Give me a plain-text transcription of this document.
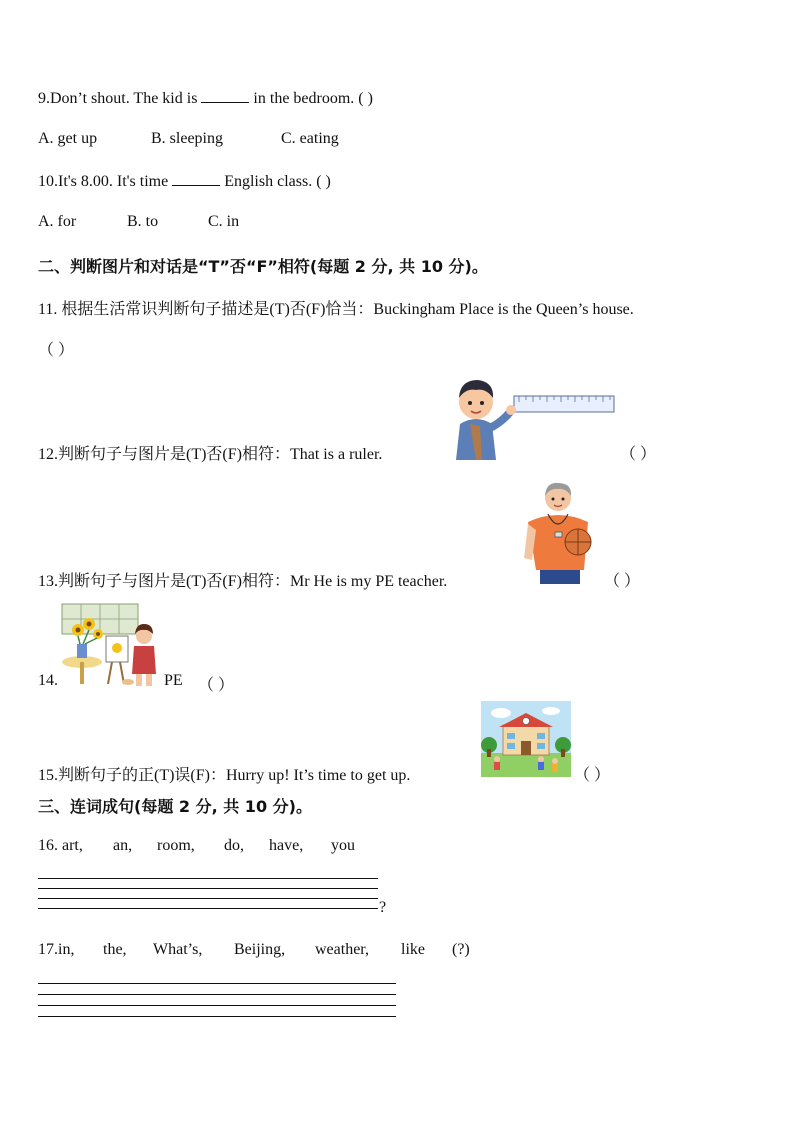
9.Don’t shout. The kid is	in the bedroom. ( )
A. get up	B. sleeping	C. eating
10.It's 8.00. It's time	English class. ( )
A. for	B. to	C. in
二、判断图片和对话是“T”否“F”相符(每题 2 分, 共 10 分)。
11. 根据生活常识判断句子描述是(T)否(F)恰当：Buckingham Place is the Queen’s house.
（ ）
12.判断句子与图片是(T)否(F)相符：That is a ruler.	（ ）
13.判断句子与图片是(T)否(F)相符：Mr He is my PE teacher.	（ ）
14.	PE （ ）
15.判断句子的正(T)误(F)：Hurry up! It’s time to get up.	（ ）
三、连词成句(每题 2 分, 共 10 分)。
16. art, an, room, do, have, you
?
17.in, the, What’s, Beijing, weather, like (?)
